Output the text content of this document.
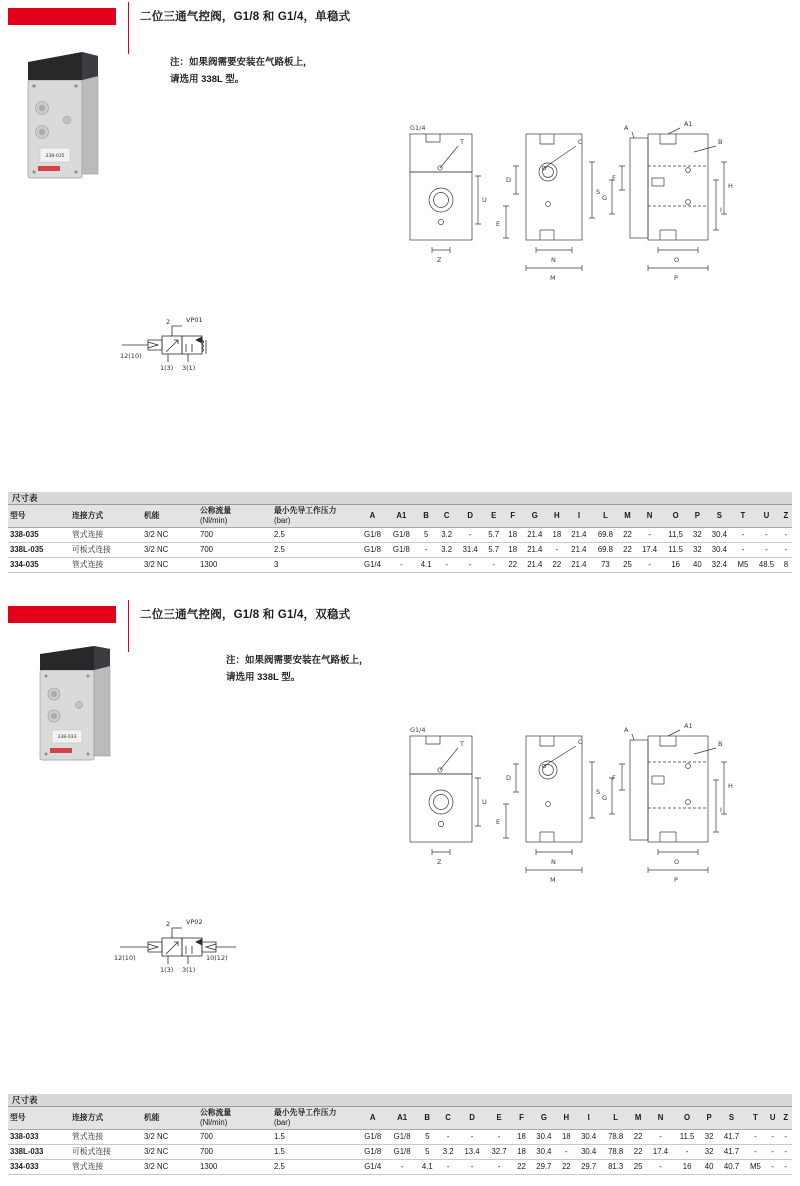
二位三通气控阀，G1/8 和 G1/4，单稳式
注：如果阀需要安装在气路板上，
请选用 338L 型。
338-035
T
G1/4
U
Z
C
D
E
S
N
M
A	A1
B
F
G
H
I
O
P
12(10)
2
1(3) 3(1)
VP01
尺寸表
型号	连接方式	机能	公称流量
(Nl/min)	最小先导工作压力
(bar)	A	A1	B	C	D	E	F	G	H	I	L	M	N	O	P	S	T	U	Z
338-035	管式连接	3/2 NC	700	2.5	G1/8	G1/8	5	3.2	-	5.7	18	21.4	18	21.4	69.8	22	-	11.5	32	30.4	-	-	-
338L-035	可板式连接	3/2 NC	700	2.5	G1/8	G1/8	-	3.2	31.4	5.7	18	21.4	-	21.4	69.8	22	17.4	11.5	32	30.4	-	-	-
334-035	管式连接	3/2 NC	1300	3	G1/4	-	4.1	-	-	-	22	21.4	22	21.4	73	25	-	16	40	32.4	M5	48.5	8
二位三通气控阀，G1/8 和 G1/4，双稳式
注：如果阀需要安装在气路板上，
请选用 338L 型。
338-033
T
G1/4
U
Z
C
D
E
S
N
M
A	A1
B
F
G
H
I
O
P
12(10)
2
1(3) 3(1)
10(12)
VP02
尺寸表
型号	连接方式	机能	公称流量
(Nl/min)	最小先导工作压力
(bar)	A	A1	B	C	D	E	F	G	H	I	L	M	N	O	P	S	T	U	Z
338-033	管式连接	3/2 NC	700	1.5	G1/8	G1/8	5	-	-	-	18	30.4	18	30.4	78.8	22	-	11.5	32	41.7	-	-	-
338L-033	可板式连接	3/2 NC	700	1.5	G1/8	G1/8	5	3.2	13.4	32.7	18	30.4	-	30.4	78.8	22	17.4	-	32	41.7	-	-	-
334-033	管式连接	3/2 NC	1300	2.5	G1/4	-	4.1	-	-	-	22	29.7	22	29.7	81.3	25	-	16	40	40.7	M5	-	-
